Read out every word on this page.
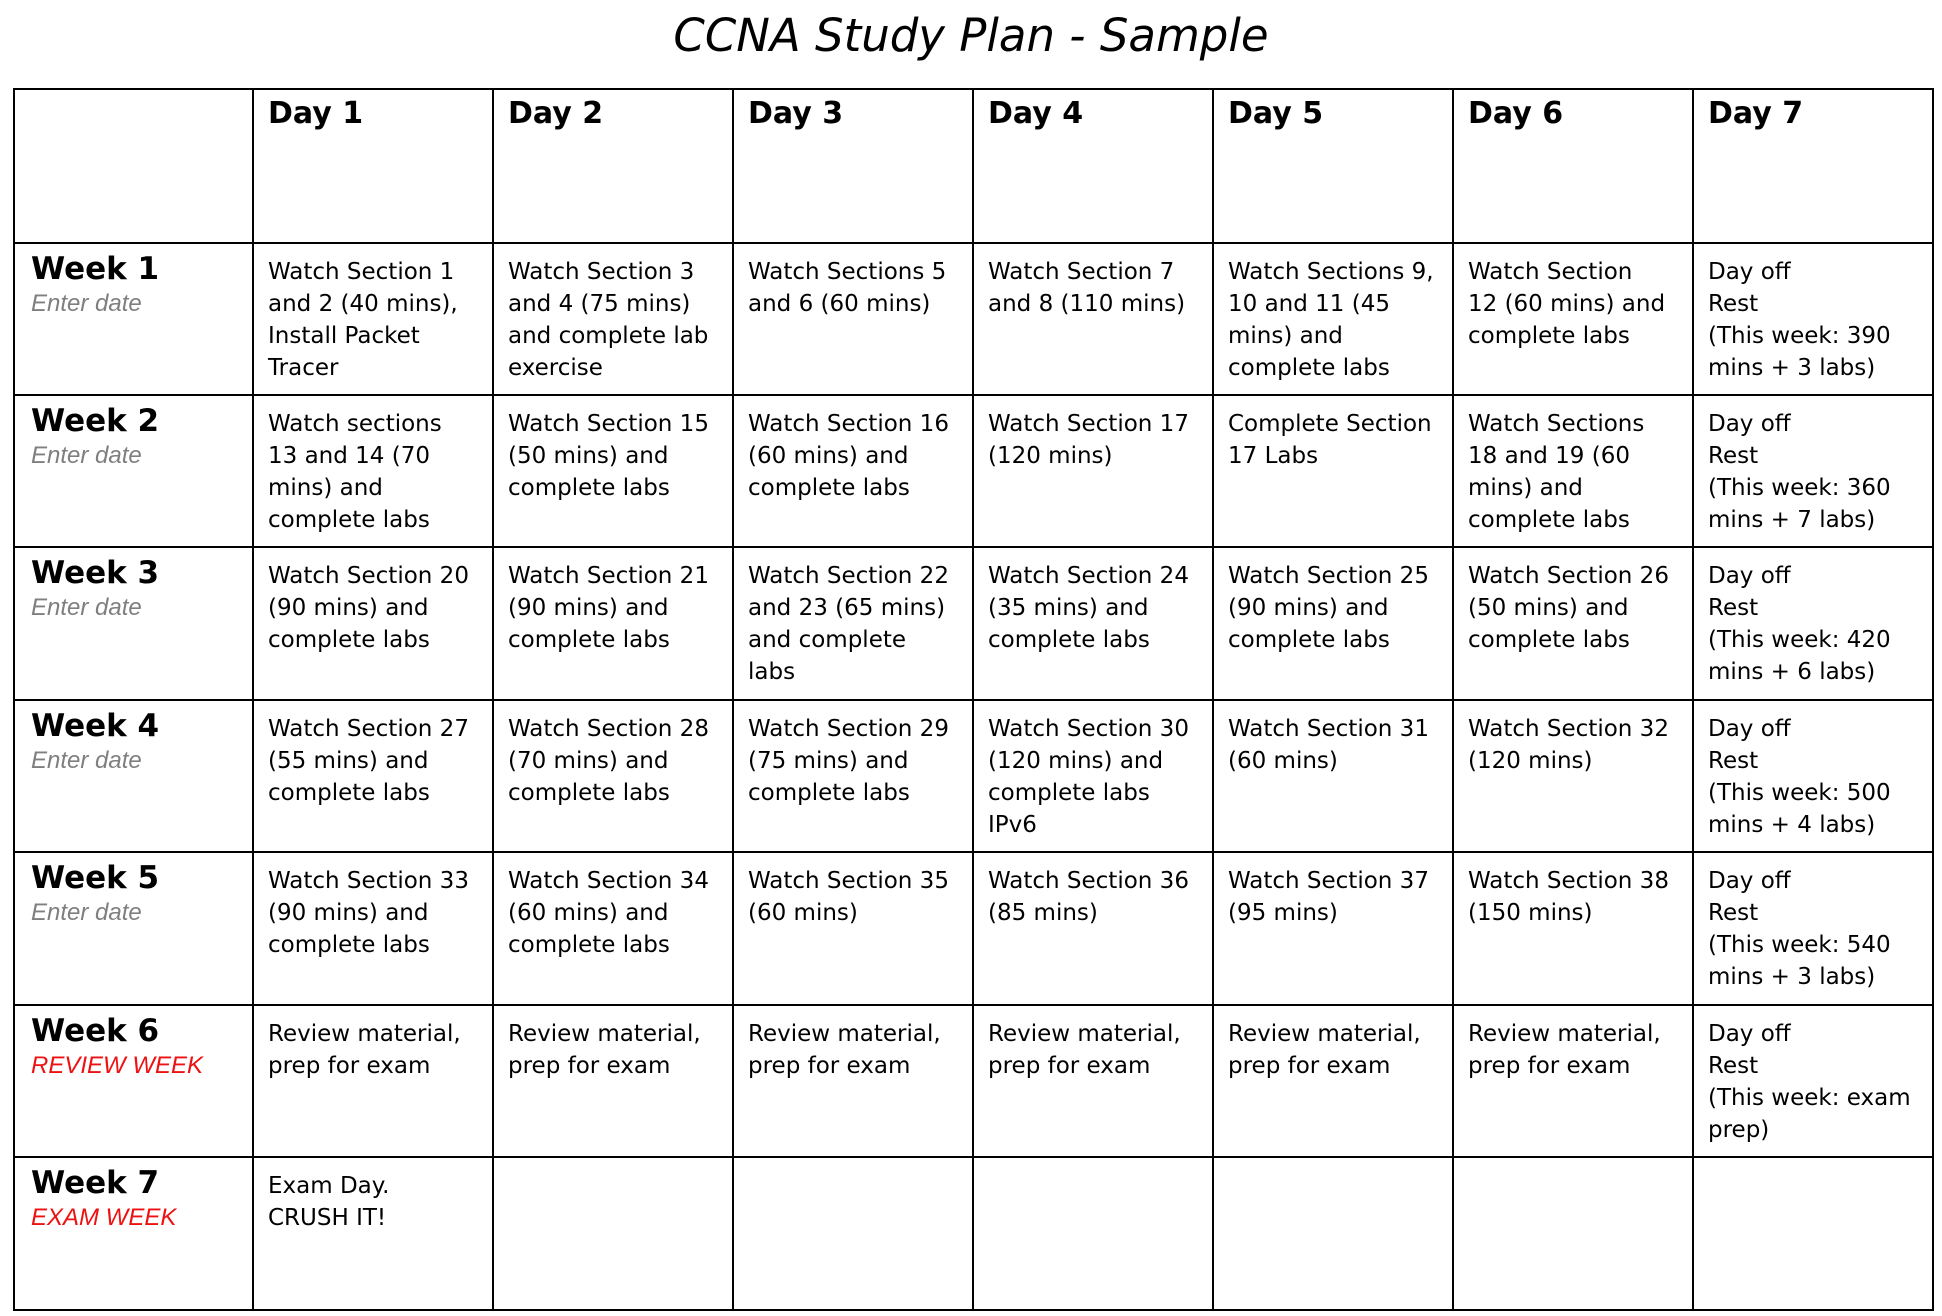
CCNA Study Plan - Sample
	Day 1	Day 2	Day 3	Day 4	Day 5	Day 6	Day 7

Week 1
Enter date	Watch Section 1
and 2 (40 mins),
Install Packet
Tracer	Watch Section 3
and 4 (75 mins)
and complete lab
exercise	Watch Sections 5
and 6 (60 mins)	Watch Section 7
and 8 (110 mins)	Watch Sections 9,
10 and 11 (45
mins) and
complete labs	Watch Section
12 (60 mins) and
complete labs	Day off
Rest
(This week: 390
mins + 3 labs)

Week 2
Enter date	Watch sections
13 and 14 (70
mins) and
complete labs	Watch Section 15
(50 mins) and
complete labs	Watch Section 16
(60 mins) and
complete labs	Watch Section 17
(120 mins)	Complete Section
17 Labs	Watch Sections
18 and 19 (60
mins) and
complete labs	Day off
Rest
(This week: 360
mins + 7 labs)

Week 3
Enter date	Watch Section 20
(90 mins) and
complete labs	Watch Section 21
(90 mins) and
complete labs	Watch Section 22
and 23 (65 mins)
and complete
labs	Watch Section 24
(35 mins) and
complete labs	Watch Section 25
(90 mins) and
complete labs	Watch Section 26
(50 mins) and
complete labs	Day off
Rest
(This week: 420
mins + 6 labs)

Week 4
Enter date	Watch Section 27
(55 mins) and
complete labs	Watch Section 28
(70 mins) and
complete labs	Watch Section 29
(75 mins) and
complete labs	Watch Section 30
(120 mins) and
complete labs
IPv6	Watch Section 31
(60 mins)	Watch Section 32
(120 mins)	Day off
Rest
(This week: 500
mins + 4 labs)

Week 5
Enter date	Watch Section 33
(90 mins) and
complete labs	Watch Section 34
(60 mins) and
complete labs	Watch Section 35
(60 mins)	Watch Section 36
(85 mins)	Watch Section 37
(95 mins)	Watch Section 38
(150 mins)	Day off
Rest
(This week: 540
mins + 3 labs)

Week 6
REVIEW WEEK	Review material,
prep for exam	Review material,
prep for exam	Review material,
prep for exam	Review material,
prep for exam	Review material,
prep for exam	Review material,
prep for exam	Day off
Rest
(This week: exam
prep)

Week 7
EXAM WEEK	Exam Day.
CRUSH IT!						
